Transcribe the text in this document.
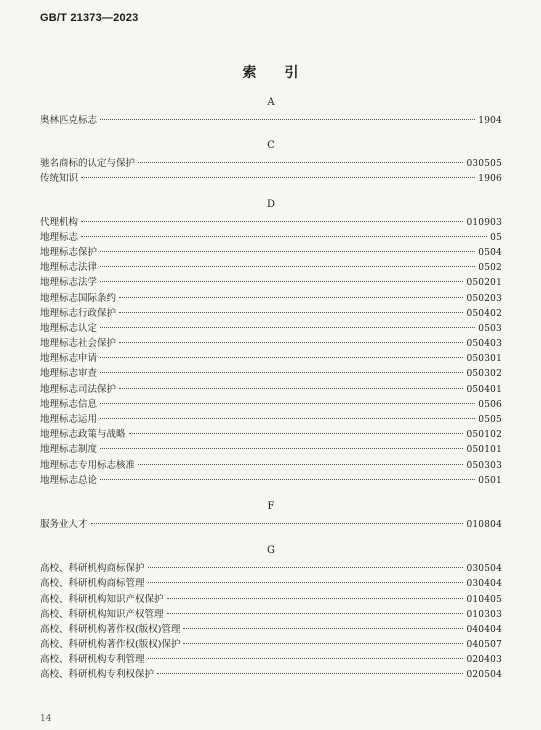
GB/T 21373—2023
索引
A
奥林匹克标志	1904
C
驰名商标的认定与保护	030505
传统知识	1906
D
代理机构	010903
地理标志	05
地理标志保护	0504
地理标志法律	0502
地理标志法学	050201
地理标志国际条约	050203
地理标志行政保护	050402
地理标志认定	0503
地理标志社会保护	050403
地理标志申请	050301
地理标志审查	050302
地理标志司法保护	050401
地理标志信息	0506
地理标志运用	0505
地理标志政策与战略	050102
地理标志制度	050101
地理标志专用标志核准	050303
地理标志总论	0501
F
服务业人才	010804
G
高校、科研机构商标保护	030504
高校、科研机构商标管理	030404
高校、科研机构知识产权保护	010405
高校、科研机构知识产权管理	010303
高校、科研机构著作权(版权)管理	040404
高校、科研机构著作权(版权)保护	040507
高校、科研机构专利管理	020403
高校、科研机构专利权保护	020504
14
